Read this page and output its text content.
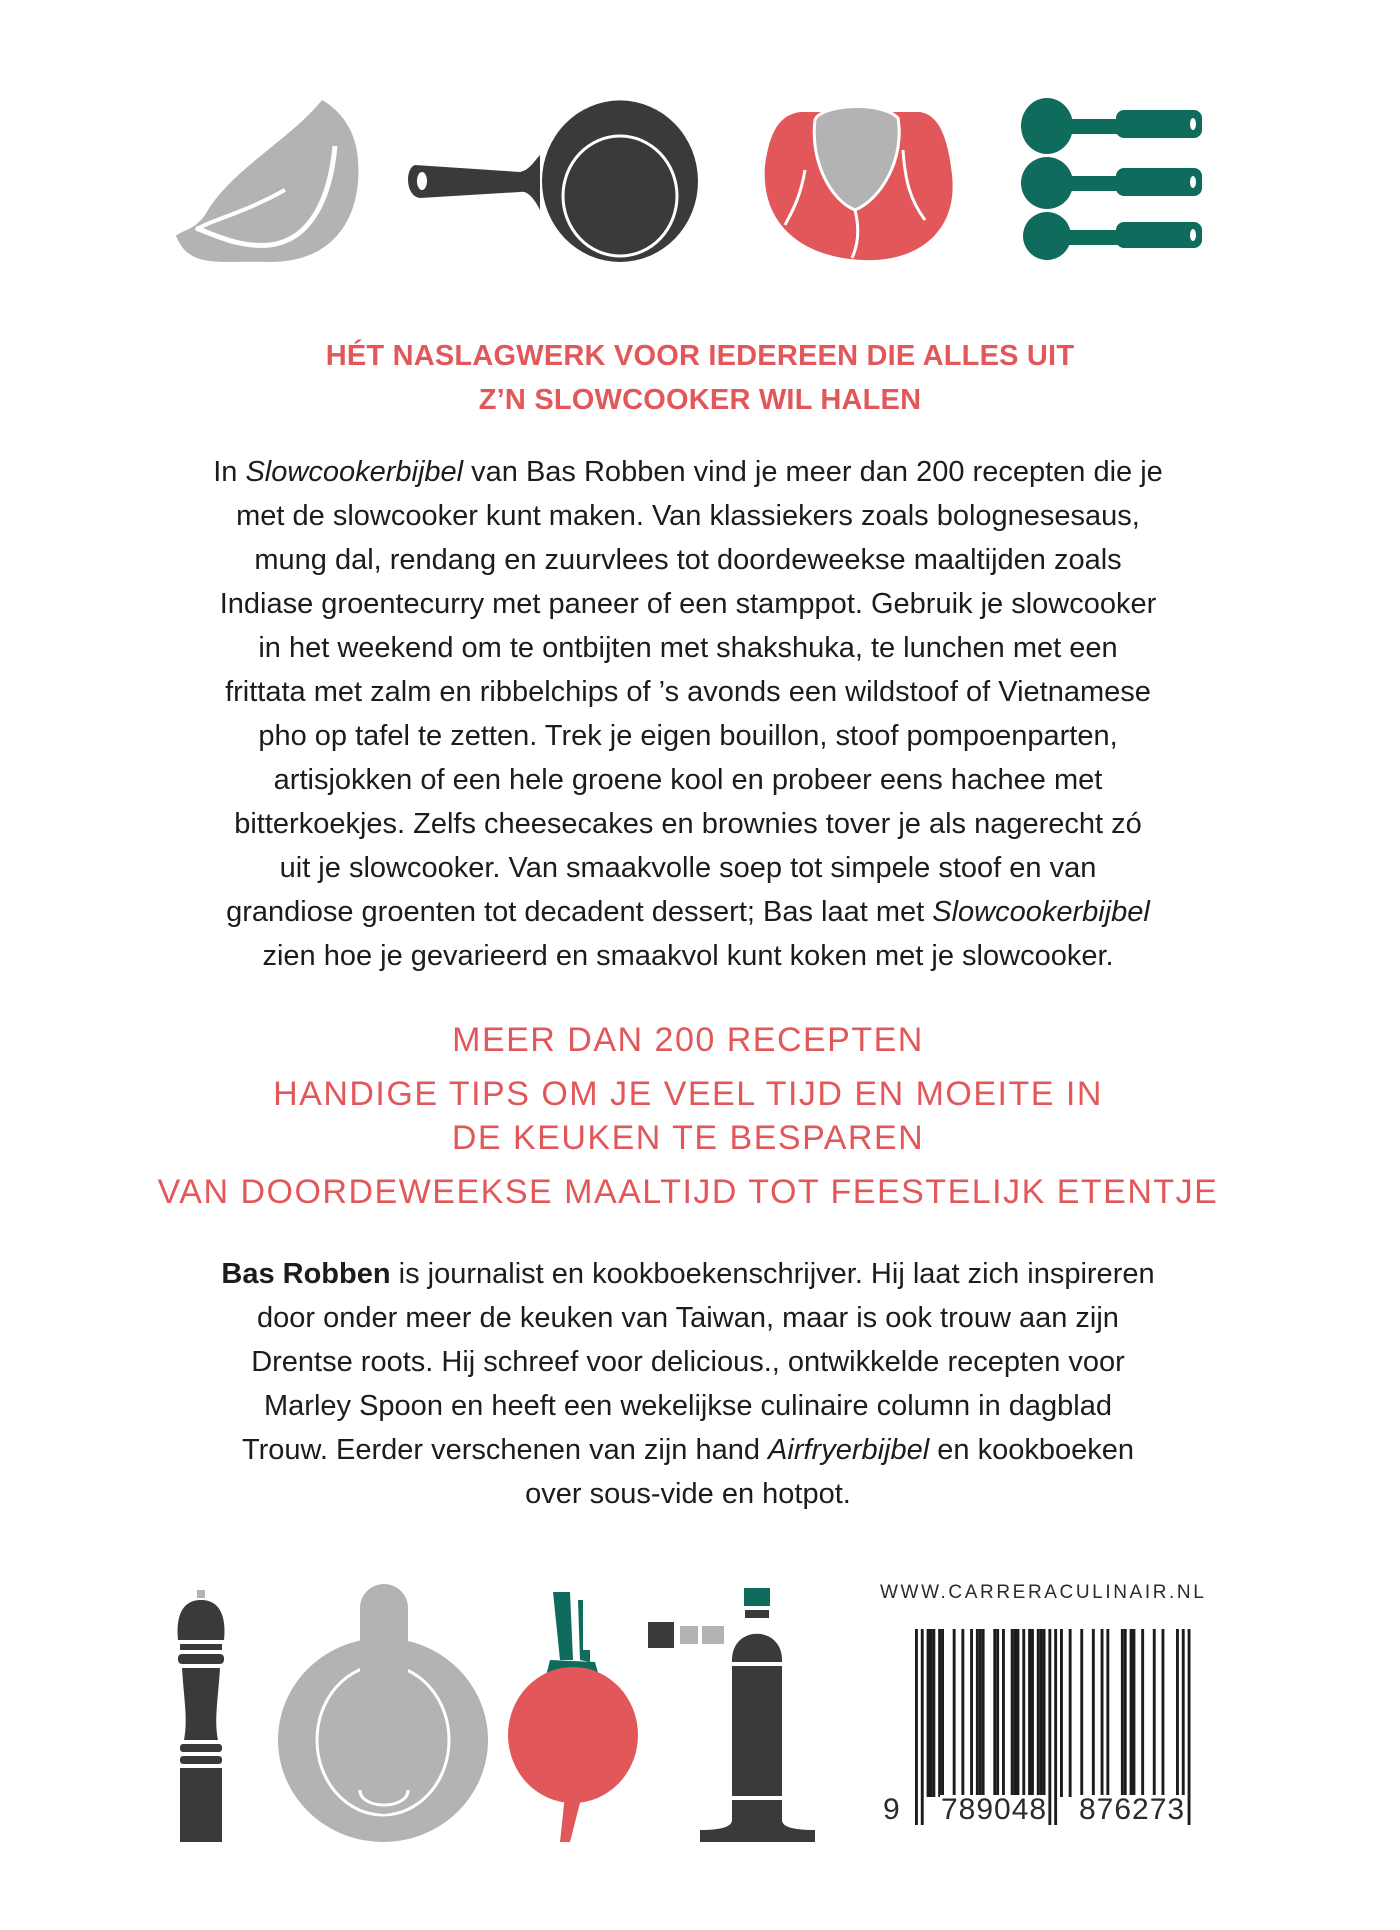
HÉT NASLAGWERK VOOR IEDEREEN DIE ALLES UIT
Z’N SLOWCOOKER WIL HALEN
In Slowcookerbijbel van Bas Robben vind je meer dan 200 recepten die je
met de slowcooker kunt maken. Van klassiekers zoals bolognesesaus,
mung dal, rendang en zuurvlees tot doordeweekse maaltijden zoals
Indiase groentecurry met paneer of een stamppot. Gebruik je slowcooker
in het weekend om te ontbijten met shakshuka, te lunchen met een
frittata met zalm en ribbelchips of ’s avonds een wildstoof of Vietnamese
pho op tafel te zetten. Trek je eigen bouillon, stoof pompoenparten,
artisjokken of een hele groene kool en probeer eens hachee met
bitterkoekjes. Zelfs cheesecakes en brownies tover je als nagerecht zó
uit je slowcooker. Van smaakvolle soep tot simpele stoof en van
grandiose groenten tot decadent dessert; Bas laat met Slowcookerbijbel
zien hoe je gevarieerd en smaakvol kunt koken met je slowcooker.
MEER DAN 200 RECEPTEN
HANDIGE TIPS OM JE VEEL TIJD EN MOEITE IN
DE KEUKEN TE BESPAREN
VAN DOORDEWEEKSE MAALTIJD TOT FEESTELIJK ETENTJE
Bas Robben is journalist en kookboekenschrijver. Hij laat zich inspireren
door onder meer de keuken van Taiwan, maar is ook trouw aan zijn
Drentse roots. Hij schreef voor delicious., ontwikkelde recepten voor
Marley Spoon en heeft een wekelijkse culinaire column in dagblad
Trouw. Eerder verschenen van zijn hand Airfryerbijbel en kookboeken
over sous-vide en hotpot.
WWW.CARRERACULINAIR.NL
9 789048 876273
